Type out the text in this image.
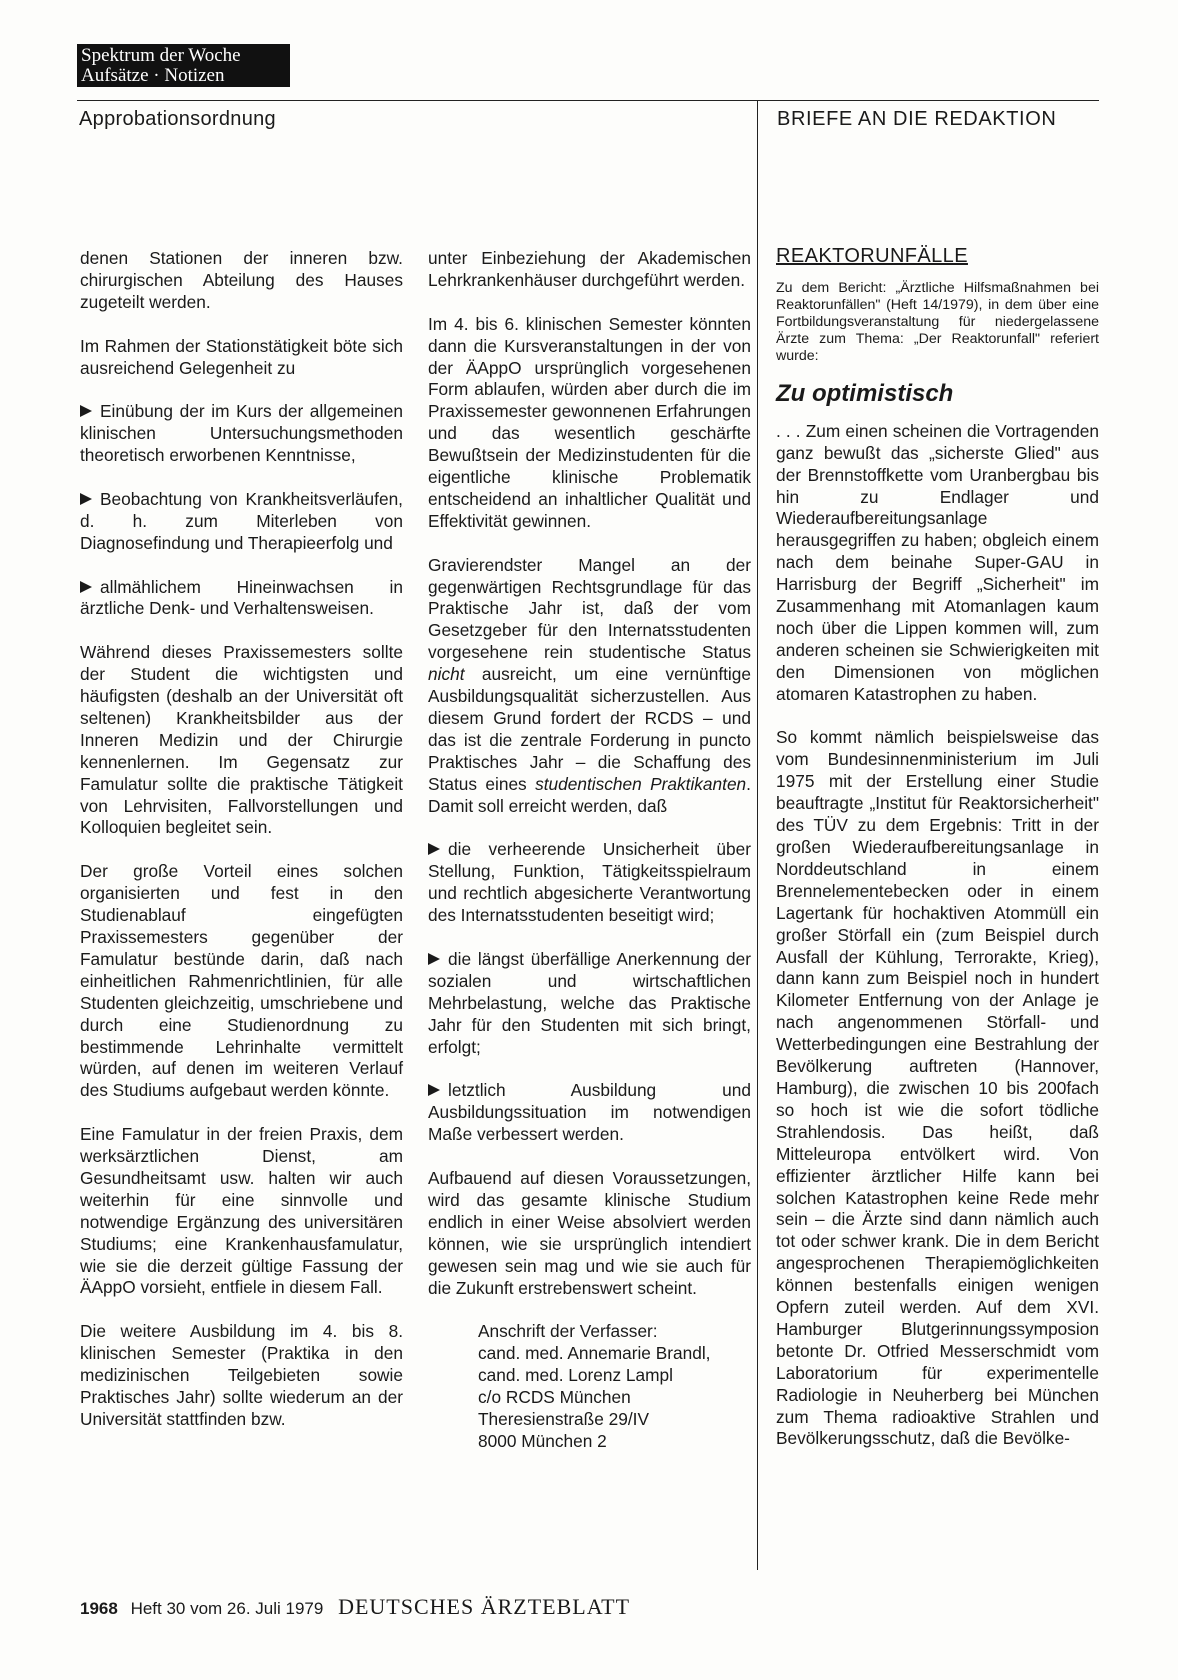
Spektrum der Woche
Aufsätze · Notizen
Approbationsordnung	BRIEFE AN DIE REDAKTION

denen Stationen der inneren bzw. chirurgischen Abteilung des Hauses zugeteilt werden.

Im Rahmen der Stationstätigkeit böte sich ausreichend Gelegenheit zu

Einübung der im Kurs der allgemeinen klinischen Untersuchungsmethoden theoretisch erworbenen Kenntnisse,

Beobachtung von Krankheitsverläufen, d. h. zum Miterleben von Diagnosefindung und Therapieerfolg und

allmählichem Hineinwachsen in ärztliche Denk- und Verhaltensweisen.

Während dieses Praxissemesters sollte der Student die wichtigsten und häufigsten (deshalb an der Universität oft seltenen) Krankheitsbilder aus der Inneren Medizin und der Chirurgie kennenlernen. Im Gegensatz zur Famulatur sollte die praktische Tätigkeit von Lehrvisiten, Fallvorstellungen und Kolloquien begleitet sein.

Der große Vorteil eines solchen organisierten und fest in den Studienablauf eingefügten Praxissemesters gegenüber der Famulatur bestünde darin, daß nach einheitlichen Rahmenrichtlinien, für alle Studenten gleichzeitig, umschriebene und durch eine Studienordnung zu bestimmende Lehrinhalte vermittelt würden, auf denen im weiteren Verlauf des Studiums aufgebaut werden könnte.

Eine Famulatur in der freien Praxis, dem werksärztlichen Dienst, am Gesundheitsamt usw. halten wir auch weiterhin für eine sinnvolle und notwendige Ergänzung des universitären Studiums; eine Krankenhausfamulatur, wie sie die derzeit gültige Fassung der ÄAppO vorsieht, entfiele in diesem Fall.

Die weitere Ausbildung im 4. bis 8. klinischen Semester (Praktika in den medizinischen Teilgebieten sowie Praktisches Jahr) sollte wiederum an der Universität stattfinden bzw.

unter Einbeziehung der Akademischen Lehrkrankenhäuser durchgeführt werden.

Im 4. bis 6. klinischen Semester könnten dann die Kursveranstaltungen in der von der ÄAppO ursprünglich vorgesehenen Form ablaufen, würden aber durch die im Praxissemester gewonnenen Erfahrungen und das wesentlich geschärfte Bewußtsein der Medizinstudenten für die eigentliche klinische Problematik entscheidend an inhaltlicher Qualität und Effektivität gewinnen.

Gravierendster Mangel an der gegenwärtigen Rechtsgrundlage für das Praktische Jahr ist, daß der vom Gesetzgeber für den Internatsstudenten vorgesehene rein studentische Status nicht ausreicht, um eine vernünftige Ausbildungsqualität sicherzustellen. Aus diesem Grund fordert der RCDS – und das ist die zentrale Forderung in puncto Praktisches Jahr – die Schaffung des Status eines studentischen Praktikanten. Damit soll erreicht werden, daß

die verheerende Unsicherheit über Stellung, Funktion, Tätigkeitsspielraum und rechtlich abgesicherte Verantwortung des Internatsstudenten beseitigt wird;

die längst überfällige Anerkennung der sozialen und wirtschaftlichen Mehrbelastung, welche das Praktische Jahr für den Studenten mit sich bringt, erfolgt;

letztlich Ausbildung und Ausbildungssituation im notwendigen Maße verbessert werden.

Aufbauend auf diesen Voraussetzungen, wird das gesamte klinische Studium endlich in einer Weise absolviert werden können, wie sie ursprünglich intendiert gewesen sein mag und wie sie auch für die Zukunft erstrebenswert scheint.

Anschrift der Verfasser:
cand. med. Annemarie Brandl,
cand. med. Lorenz Lampl
c/o RCDS München
Theresienstraße 29/IV
8000 München 2
REAKTORUNFÄLLE
Zu dem Bericht: „Ärztliche Hilfsmaßnahmen bei Reaktorunfällen" (Heft 14/1979), in dem über eine Fortbildungsveranstaltung für niedergelassene Ärzte zum Thema: „Der Reaktorunfall" referiert wurde:
Zu optimistisch

. . . Zum einen scheinen die Vortragenden ganz bewußt das „sicherste Glied" aus der Brennstoffkette vom Uranbergbau bis hin zu Endlager und Wiederaufbereitungsanlage herausgegriffen zu haben; obgleich einem nach dem beinahe Super-GAU in Harrisburg der Begriff „Sicherheit" im Zusammenhang mit Atomanlagen kaum noch über die Lippen kommen will, zum anderen scheinen sie Schwierigkeiten mit den Dimensionen von möglichen atomaren Katastrophen zu haben.

So kommt nämlich beispielsweise das vom Bundesinnenministerium im Juli 1975 mit der Erstellung einer Studie beauftragte „Institut für Reaktorsicherheit" des TÜV zu dem Ergebnis: Tritt in der großen Wiederaufbereitungsanlage in Norddeutschland in einem Brennelementebecken oder in einem Lagertank für hochaktiven Atommüll ein großer Störfall ein (zum Beispiel durch Ausfall der Kühlung, Terrorakte, Krieg), dann kann zum Beispiel noch in hundert Kilometer Entfernung von der Anlage je nach angenommenen Störfall- und Wetterbedingungen eine Bestrahlung der Bevölkerung auftreten (Hannover, Hamburg), die zwischen 10 bis 200fach so hoch ist wie die sofort tödliche Strahlendosis. Das heißt, daß Mitteleuropa entvölkert wird. Von effizienter ärztlicher Hilfe kann bei solchen Katastrophen keine Rede mehr sein – die Ärzte sind dann nämlich auch tot oder schwer krank. Die in dem Bericht angesprochenen Therapiemöglichkeiten können bestenfalls einigen wenigen Opfern zuteil werden. Auf dem XVI. Hamburger Blutgerinnungssymposion betonte Dr. Otfried Messerschmidt vom Laboratorium für experimentelle Radiologie in Neuherberg bei München zum Thema radioaktive Strahlen und Bevölkerungsschutz, daß die Bevölke-

1968 Heft 30 vom 26. Juli 1979 DEUTSCHES ÄRZTEBLATT
